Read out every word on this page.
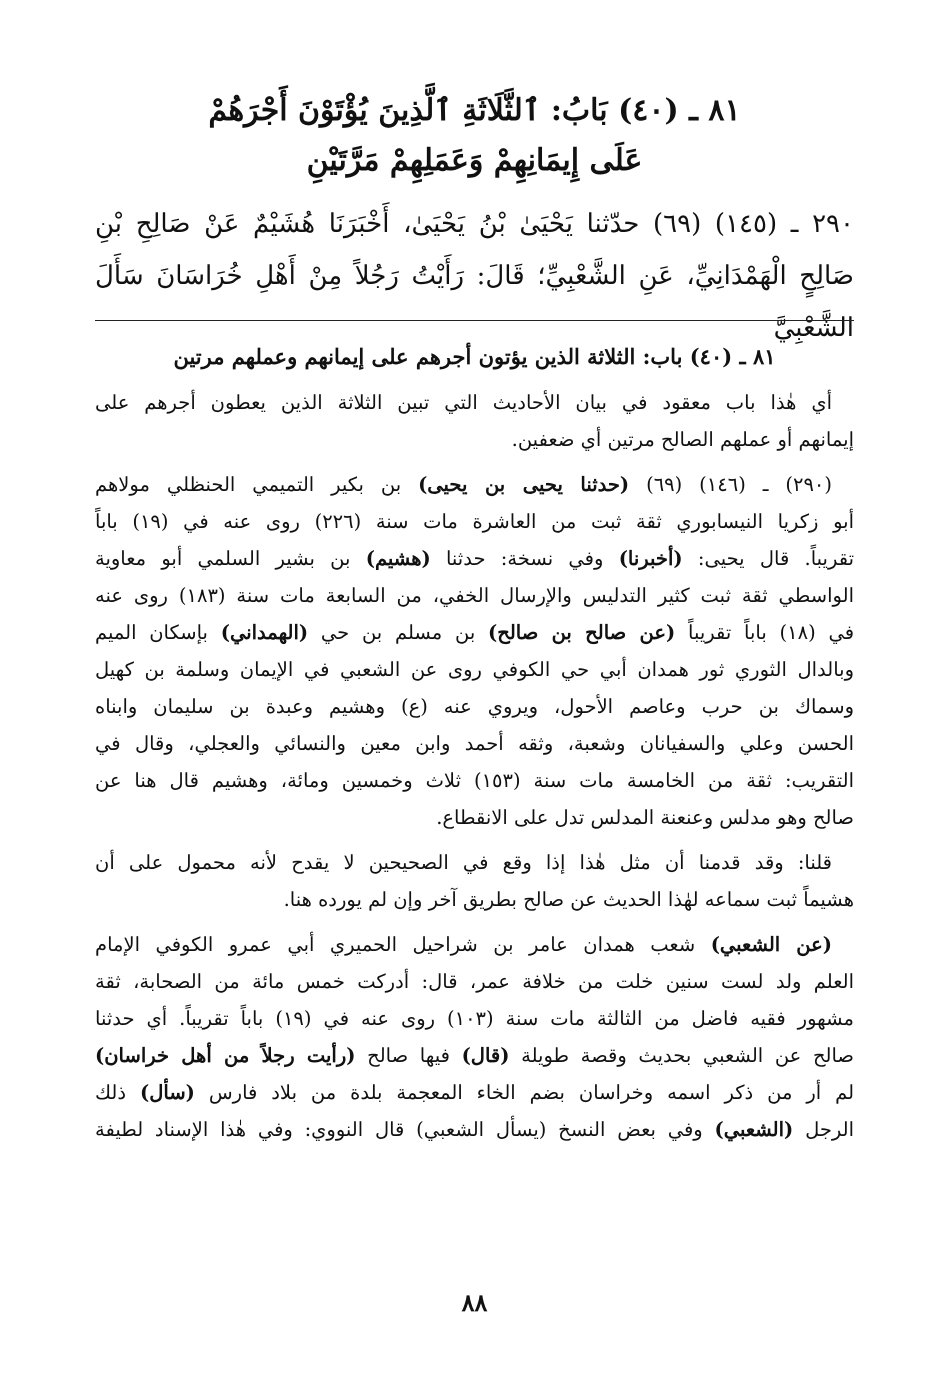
٨١ ـ (٤٠) بَابُ: ٱلثَّلَاثَةِ ٱلَّذِينَ يُؤْتَوْنَ أَجْرَهُمْ
عَلَى إِيمَانِهِمْ وَعَمَلِهِمْ مَرَّتَيْنِ
٢٩٠ ـ (١٤٥) (٦٩) حدّثنا يَحْيَىٰ بْنُ يَحْيَىٰ، أَخْبَرَنَا هُشَيْمٌ عَنْ صَالِحِ بْنِ
صَالِحٍ الْهَمْدَانِيِّ، عَنِ الشَّعْبِيِّ؛ قَالَ: رَأَيْتُ رَجُلاً مِنْ أَهْلِ خُرَاسَانَ سَأَلَ الشَّعْبِيَّ
٨١ ـ (٤٠) باب: الثلاثة الذين يؤتون أجرهم على إيمانهم وعملهم مرتين
أي هٰذا باب معقود في بيان الأحاديث التي تبين الثلاثة الذين يعطون أجرهم على
إيمانهم أو عملهم الصالح مرتين أي ضعفين.
(٢٩٠) ـ (١٤٦) (٦٩) (حدثنا يحيى بن يحيى) بن بكير التميمي الحنظلي مولاهم
أبو زكريا النيسابوري ثقة ثبت من العاشرة مات سنة (٢٢٦) روى عنه في (١٩) باباً
تقريباً. قال يحيى: (أخبرنا) وفي نسخة: حدثنا (هشيم) بن بشير السلمي أبو معاوية
الواسطي ثقة ثبت كثير التدليس والإرسال الخفي، من السابعة مات سنة (١٨٣) روى عنه
في (١٨) باباً تقريباً (عن صالح بن صالح) بن مسلم بن حي (الهمداني) بإسكان الميم
وبالدال الثوري ثور همدان أبي حي الكوفي روى عن الشعبي في الإيمان وسلمة بن كهيل
وسماك بن حرب وعاصم الأحول، ويروي عنه (ع) وهشيم وعبدة بن سليمان وابناه
الحسن وعلي والسفيانان وشعبة، وثقه أحمد وابن معين والنسائي والعجلي، وقال في
التقريب: ثقة من الخامسة مات سنة (١٥٣) ثلاث وخمسين ومائة، وهشيم قال هنا عن
صالح وهو مدلس وعنعنة المدلس تدل على الانقطاع.
قلنا: وقد قدمنا أن مثل هٰذا إذا وقع في الصحيحين لا يقدح لأنه محمول على أن
هشيماً ثبت سماعه لهٰذا الحديث عن صالح بطريق آخر وإن لم يورده هنا.
(عن الشعبي) شعب همدان عامر بن شراحيل الحميري أبي عمرو الكوفي الإمام
العلم ولد لست سنين خلت من خلافة عمر، قال: أدركت خمس مائة من الصحابة، ثقة
مشهور فقيه فاضل من الثالثة مات سنة (١٠٣) روى عنه في (١٩) باباً تقريباً. أي حدثنا
صالح عن الشعبي بحديث وقصة طويلة (قال) فيها صالح (رأيت رجلاً من أهل خراسان)
لم أر من ذكر اسمه وخراسان بضم الخاء المعجمة بلدة من بلاد فارس (سأل) ذلك
الرجل (الشعبي) وفي بعض النسخ (يسأل الشعبي) قال النووي: وفي هٰذا الإسناد لطيفة
٨٨
